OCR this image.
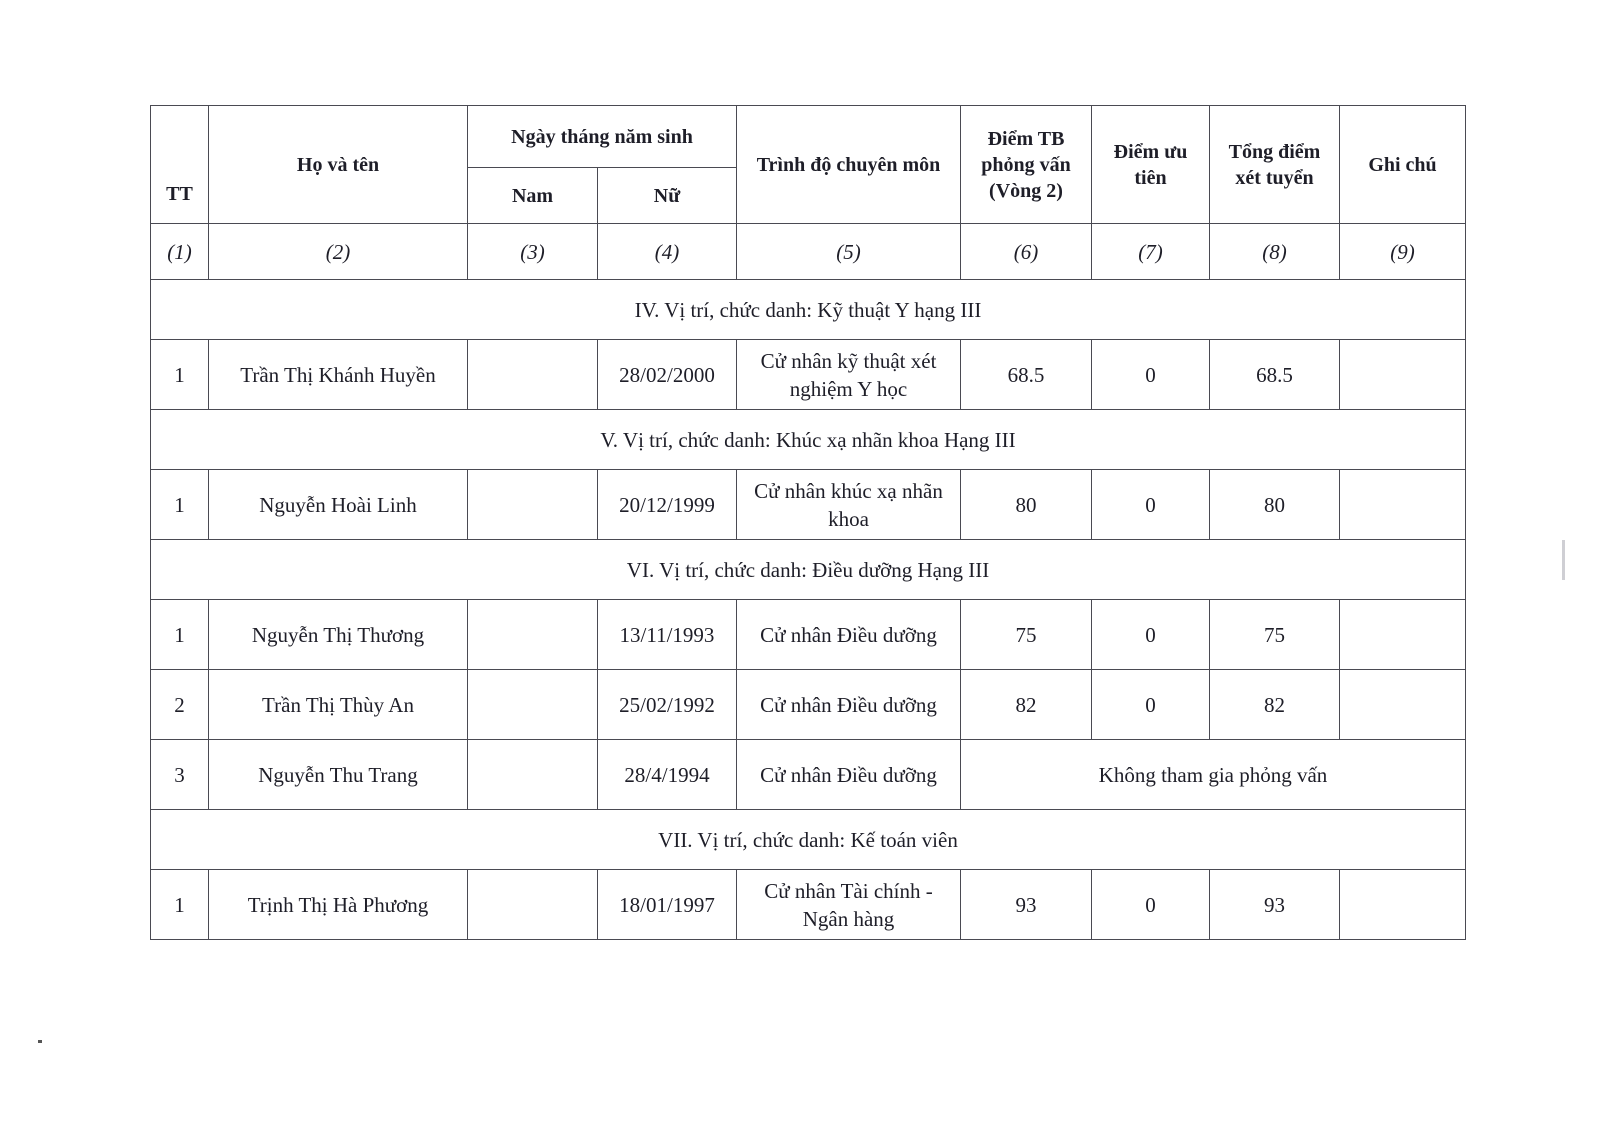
TT	Họ và tên	Ngày tháng năm sinh		Trình độ chuyên môn	Điểm TB phỏng vấn (Vòng 2)	Điểm ưu tiên	Tổng điểm xét tuyển	Ghi chú
		Nam	Nữ					
(1)	(2)	(3)	(4)	(5)	(6)	(7)	(8)	(9)
IV. Vị trí, chức danh: Kỹ thuật Y hạng III								
1	Trần Thị Khánh Huyền		28/02/2000	Cử nhân kỹ thuật xét nghiệm Y học	68.5	0	68.5	
V. Vị trí, chức danh: Khúc xạ nhãn khoa Hạng III								
1	Nguyễn Hoài Linh		20/12/1999	Cử nhân khúc xạ nhãn khoa	80	0	80	
VI. Vị trí, chức danh: Điều dưỡng Hạng III								
1	Nguyễn Thị Thương		13/11/1993	Cử nhân Điều dưỡng	75	0	75	
2	Trần Thị Thùy An		25/02/1992	Cử nhân Điều dưỡng	82	0	82	
3	Nguyễn Thu Trang		28/4/1994	Cử nhân Điều dưỡng	Không tham gia phỏng vấn			
VII. Vị trí, chức danh: Kế toán viên								
1	Trịnh Thị Hà Phương		18/01/1997	Cử nhân Tài chính - Ngân hàng	93	0	93	
